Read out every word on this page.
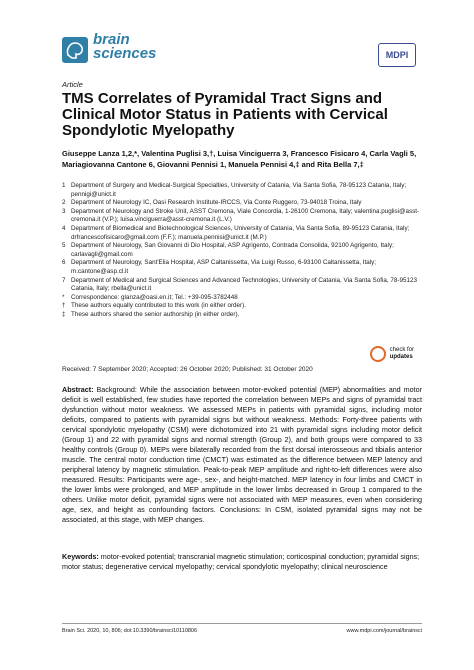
brain
sciences	MDPI
Article
TMS Correlates of Pyramidal Tract Signs and Clinical Motor Status in Patients with Cervical Spondylotic Myelopathy
Giuseppe Lanza 1,2,*, Valentina Puglisi 3,†, Luisa Vinciguerra 3, Francesco Fisicaro 4, Carla Vagli 5, Mariagiovanna Cantone 6, Giovanni Pennisi 1, Manuela Pennisi 4,‡ and Rita Bella 7,‡
1 Department of Surgery and Medical-Surgical Specialties, University of Catania, Via Santa Sofia, 78-95123 Catania, Italy; pennigi@unict.it
2 Department of Neurology IC, Oasi Research Institute-IRCCS, Via Conte Ruggero, 73-94018 Troina, Italy
3 Department of Neurology and Stroke Unit, ASST Cremona, Viale Concordia, 1-26100 Cremona, Italy; valentina.puglisi@asst-cremona.it (V.P.); luisa.vinciguerra@asst-cremona.it (L.V.)
4 Department of Biomedical and Biotechnological Sciences, University of Catania, Via Santa Sofia, 89-95123 Catania, Italy; drfrancescofisicaro@gmail.com (F.F.); manuela.pennisi@unict.it (M.P.)
5 Department of Neurology, San Giovanni di Dio Hospital, ASP Agrigento, Contrada Consolida, 92100 Agrigento, Italy; carlavagli@gmail.com
6 Department of Neurology, Sant'Elia Hospital, ASP Caltanissetta, Via Luigi Russo, 6-93100 Caltanissetta, Italy; m.cantone@asp.cl.it
7 Department of Medical and Surgical Sciences and Advanced Technologies, University of Catania, Via Santa Sofia, 78-95123 Catania, Italy; rbella@unict.it
*	Correspondence: glanza@oasi.en.it; Tel.: +39-095-3782448
† These authors equally contributed to this work (in either order).
‡ These authors shared the senior authorship (in either order).
check for
updates
Received: 7 September 2020; Accepted: 26 October 2020; Published: 31 October 2020
Abstract: Background: While the association between motor-evoked potential (MEP) abnormalities and motor deficit is well established, few studies have reported the correlation between MEPs and signs of pyramidal tract dysfunction without motor weakness. We assessed MEPs in patients with pyramidal signs, including motor deficits, compared to patients with pyramidal signs but without weakness. Methods: Forty-three patients with cervical spondylotic myelopathy (CSM) were dichotomized into 21 with pyramidal signs including motor deficit (Group 1) and 22 with pyramidal signs and normal strength (Group 2), and both groups were compared to 33 healthy controls (Group 0). MEPs were bilaterally recorded from the first dorsal interosseous and tibialis anterior muscle. The central motor conduction time (CMCT) was estimated as the difference between MEP latency and peripheral latency by magnetic stimulation. Peak-to-peak MEP amplitude and right-to-left differences were also measured. Results: Participants were age-, sex-, and height-matched. MEP latency in four limbs and CMCT in the lower limbs were prolonged, and MEP amplitude in the lower limbs decreased in Group 1 compared to the others. Unlike motor deficit, pyramidal signs were not associated with MEP measures, even when considering age, sex, and height as confounding factors. Conclusions: In CSM, isolated pyramidal signs may not be associated, at this stage, with MEP changes.
Keywords: motor-evoked potential; transcranial magnetic stimulation; corticospinal conduction; pyramidal signs; motor status; degenerative cervical myelopathy; cervical spondylotic myelopathy; clinical neuroscience
Brain Sci. 2020, 10, 806; doi:10.3390/brainsci10110806	www.mdpi.com/journal/brainsci
